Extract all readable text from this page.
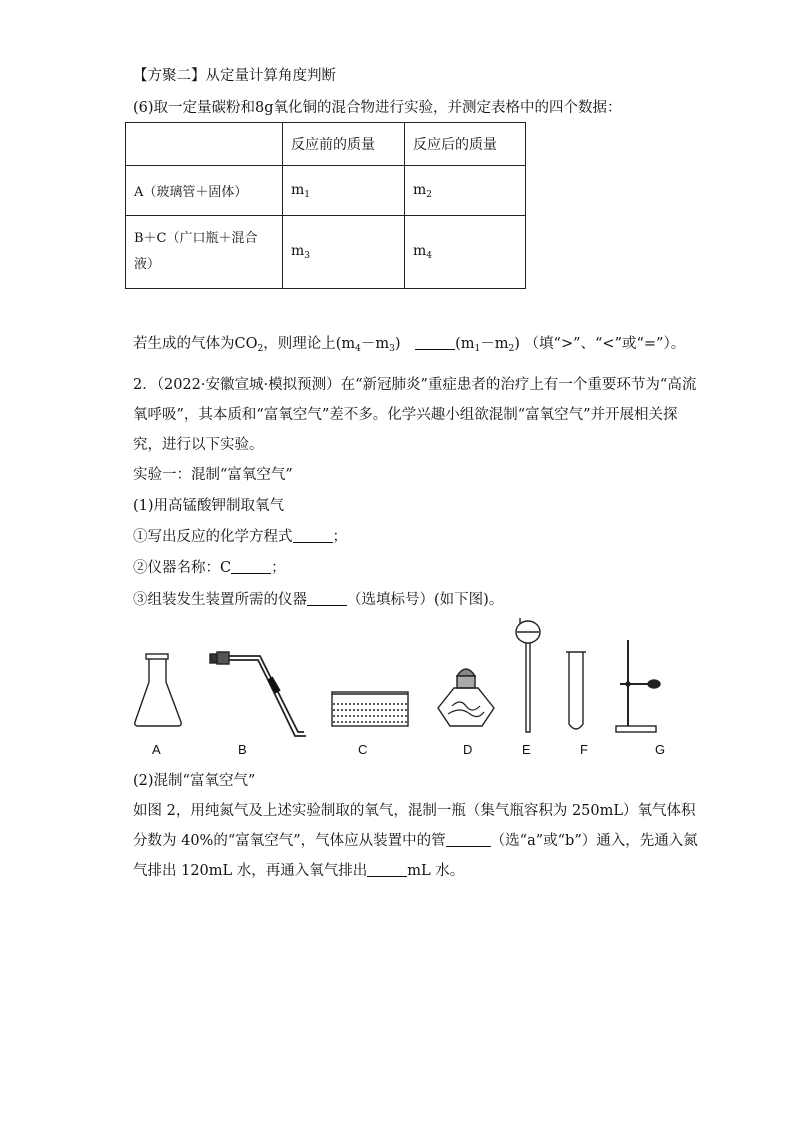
【方聚二】从定量计算角度判断
(6)取一定量碳粉和8g氧化铜的混合物进行实验，并测定表格中的四个数据：
	反应前的质量	反应后的质量
A（玻璃管＋固体）	$m_1$	$m_2$
B＋C（广口瓶＋混合
液）	$m_3$	$m_4$
若生成的气体为$CO_2$，则理论上$(m_4-m_3)$	$(m_1-m_2)$ （填“>”、“<”或“=”）。
2．（2022·安徽宣城·模拟预测）在“新冠肺炎”重症患者的治疗上有一个重要环节为“高流
氧呼吸”，其本质和“富氧空气”差不多。化学兴趣小组欲混制“富氧空气”并开展相关探
究，进行以下实验。
实验一：混制“富氧空气”
(1)用高锰酸钾制取氧气
①写出反应的化学方程式	；
②仪器名称：C	；
③组装发生装置所需的仪器	（选填标号）(如下图)。
A	B	C	D	E	F	G
(2)混制“富氧空气”
如图 2，用纯氮气及上述实验制取的氧气，混制一瓶（集气瓶容积为 250mL）氧气体积
分数为 40%的“富氧空气”，气体应从装置中的管	（选“a”或“b”）通入，先通入氮
气排出 120mL 水，再通入氧气排出	mL 水。
